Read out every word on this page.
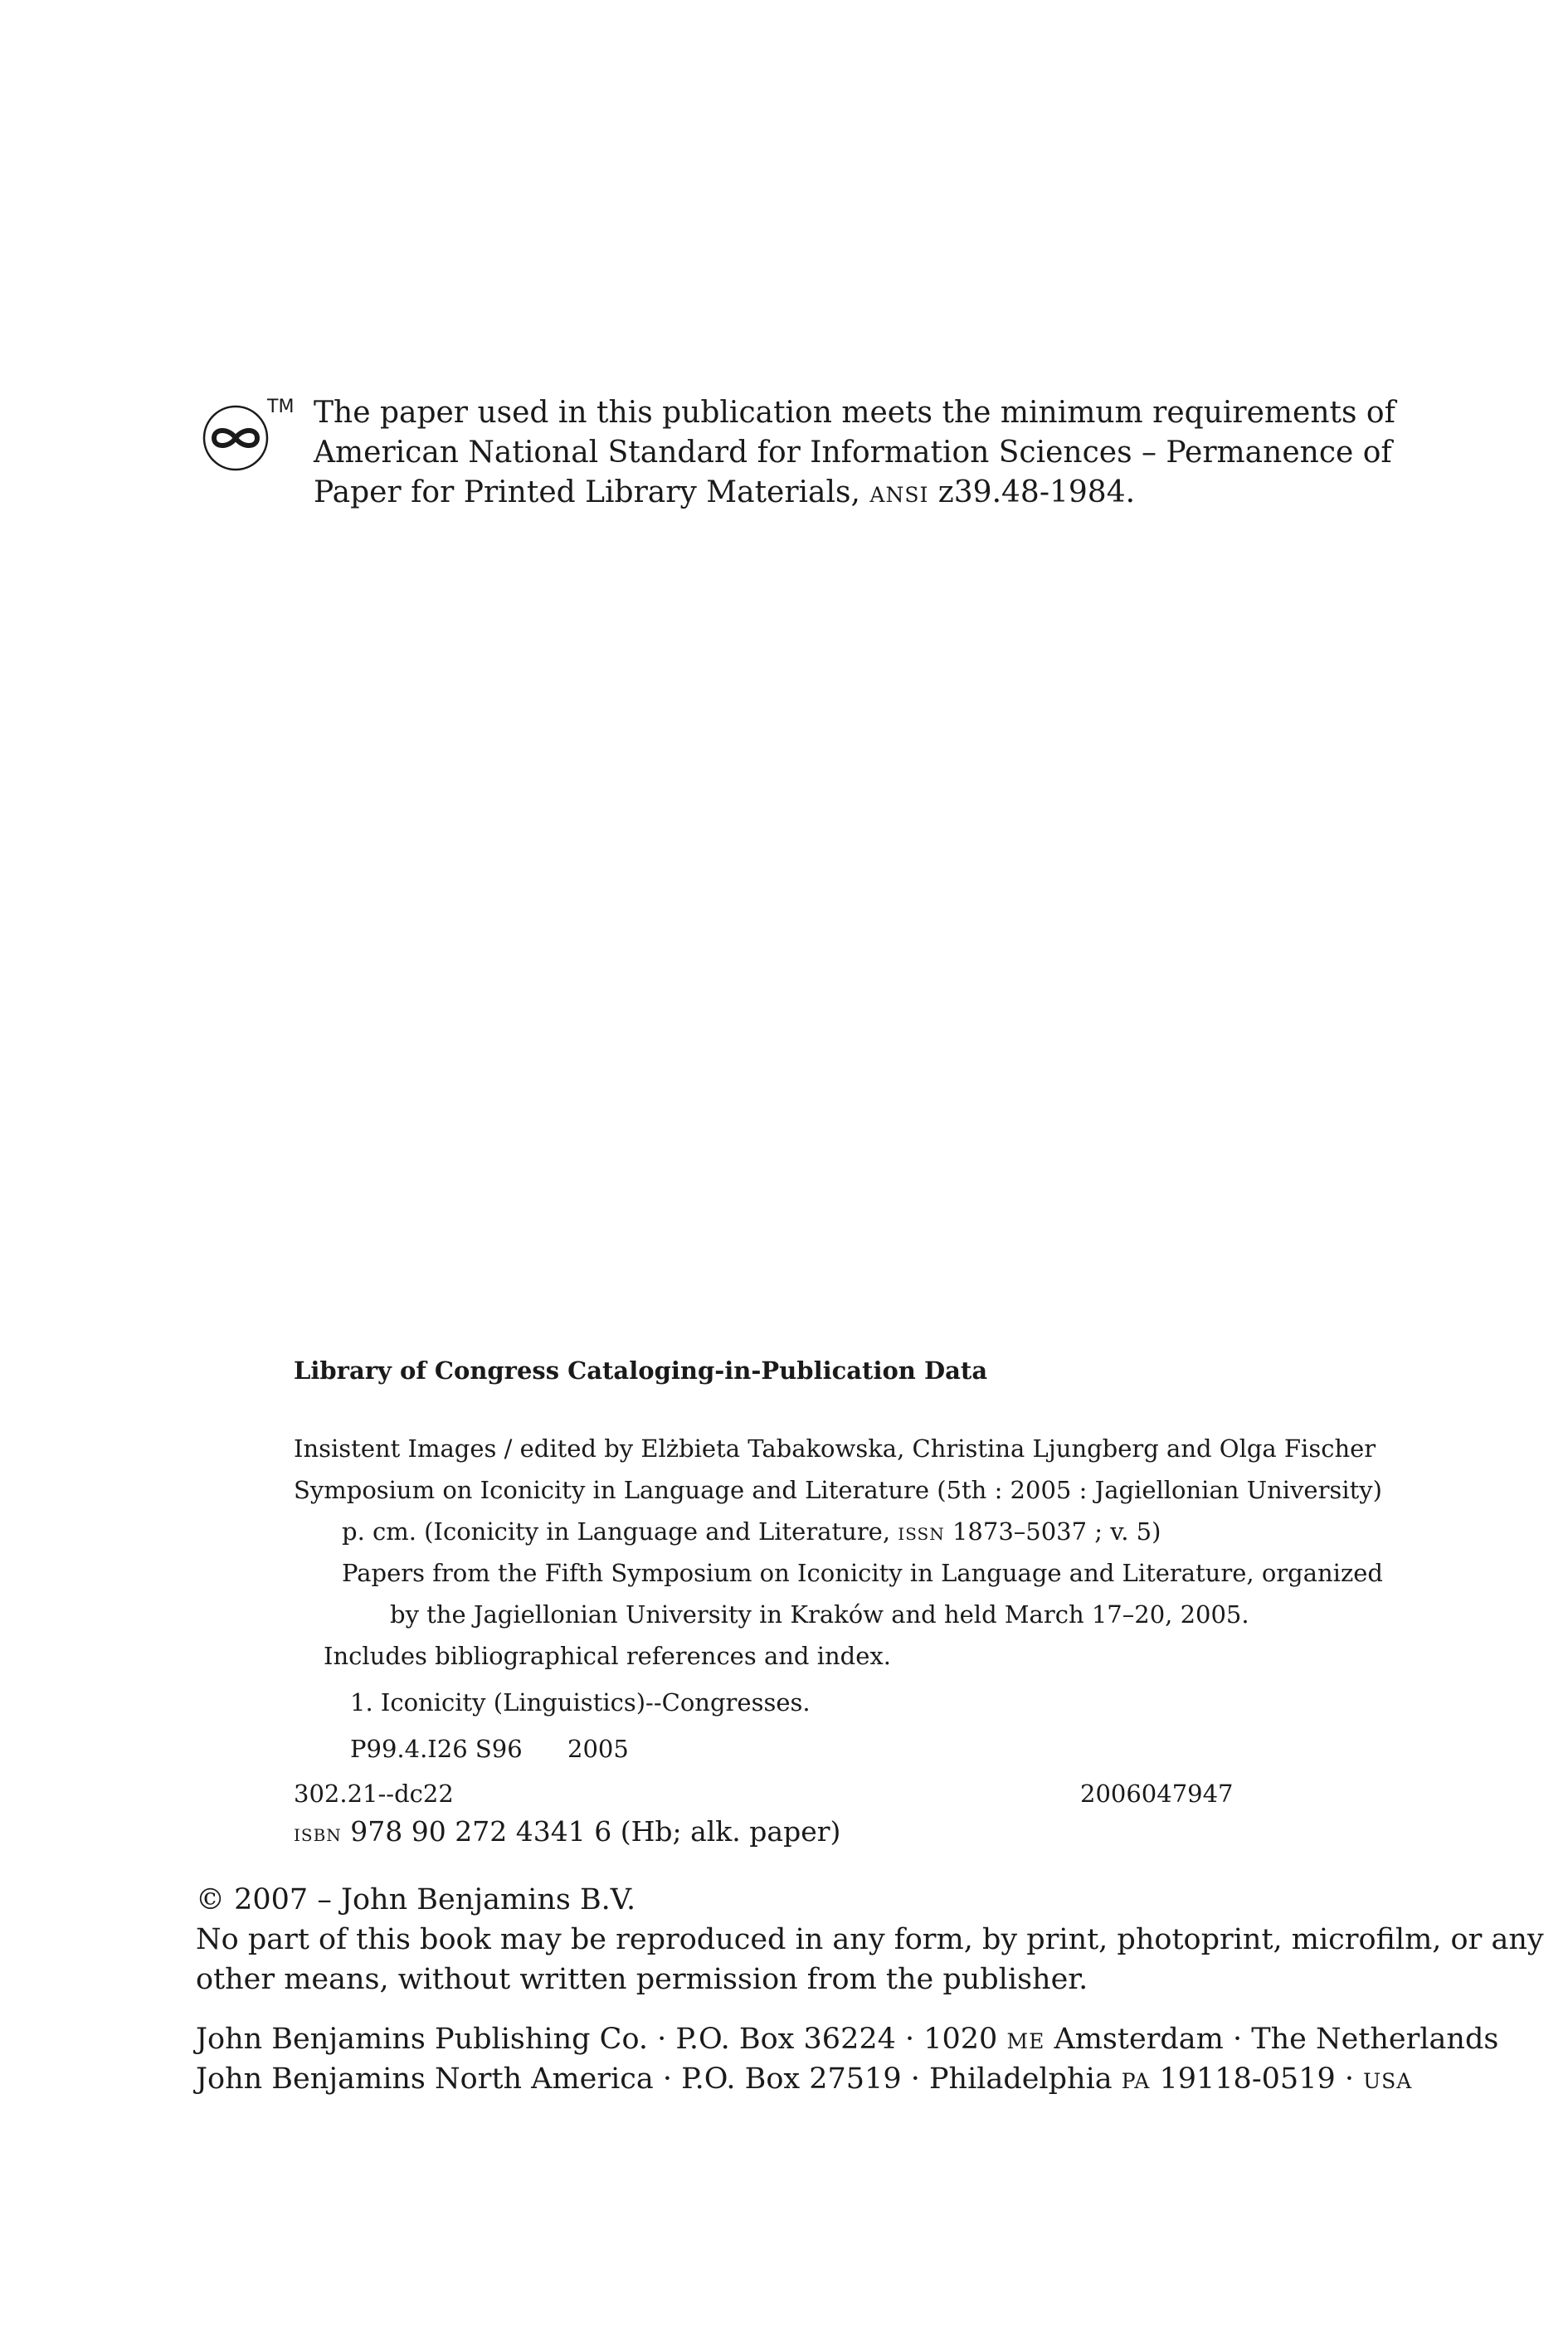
TM The paper used in this publication meets the minimum requirements of
American National Standard for Information Sciences – Permanence of
Paper for Printed Library Materials, ansi z39.48-1984.
Library of Congress Cataloging-in-Publication Data
Insistent Images / edited by Elżbieta Tabakowska, Christina Ljungberg and Olga Fischer
Symposium on Iconicity in Language and Literature (5th : 2005 : Jagiellonian University)
p. cm. (Iconicity in Language and Literature, issn 1873–5037 ; v. 5)
Papers from the Fifth Symposium on Iconicity in Language and Literature, organized
by the Jagiellonian University in Kraków and held March 17–20, 2005.
Includes bibliographical references and index.
1. Iconicity (Linguistics)--Congresses.
P99.4.I26 S96 2005
302.21--dc22	2006047947
isbn 978 90 272 4341 6 (Hb; alk. paper)
© 2007 – John Benjamins B.V.
No part of this book may be reproduced in any form, by print, photoprint, microfilm, or any
other means, without written permission from the publisher.
John Benjamins Publishing Co. · P.O. Box 36224 · 1020 me Amsterdam · The Netherlands
John Benjamins North America · P.O. Box 27519 · Philadelphia pa 19118-0519 · usa
